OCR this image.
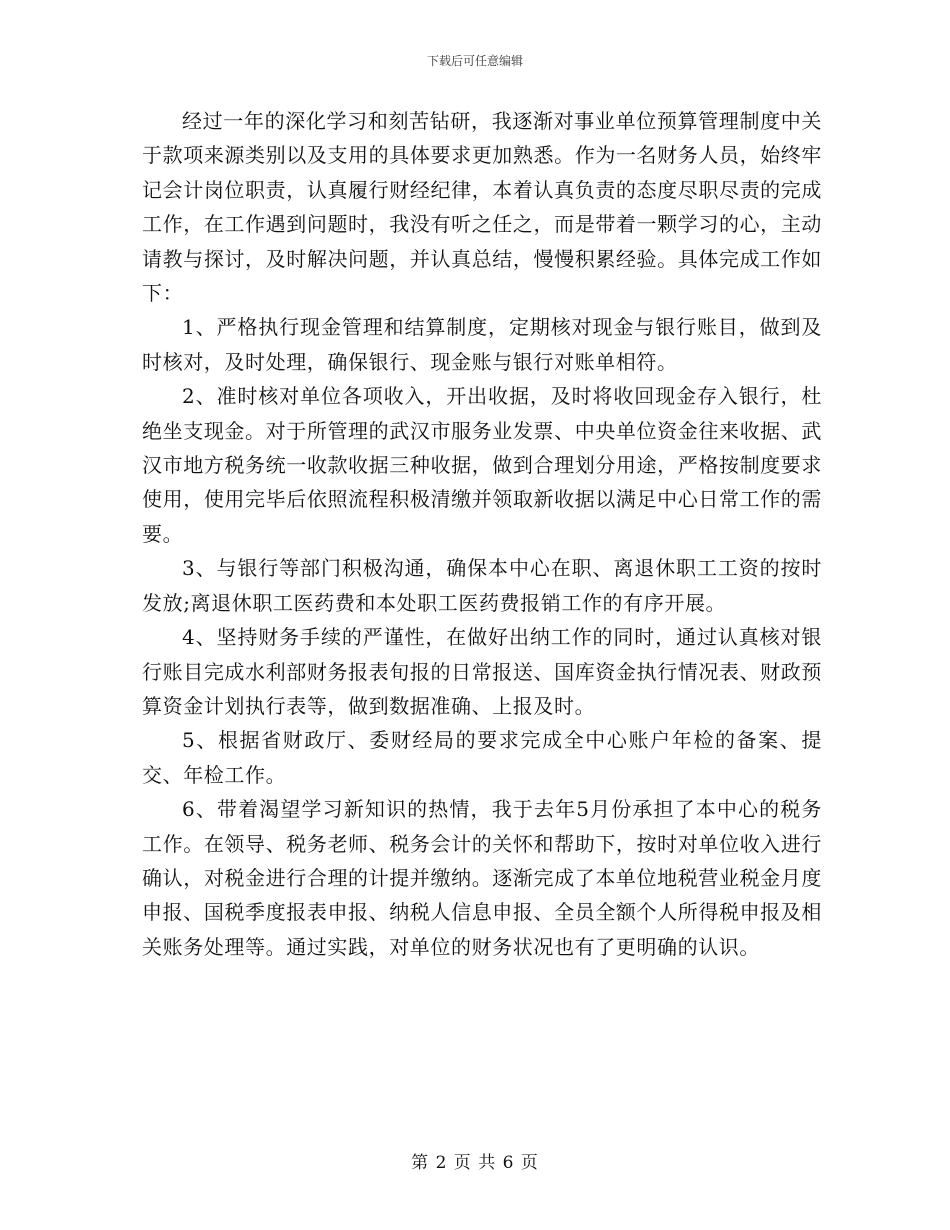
下载后可任意编辑

经过一年的深化学习和刻苦钻研，我逐渐对事业单位预算管理制度中关于款项来源类别以及支用的具体要求更加熟悉。作为一名财务人员，始终牢记会计岗位职责，认真履行财经纪律，本着认真负责的态度尽职尽责的完成工作，在工作遇到问题时，我没有听之任之，而是带着一颗学习的心，主动请教与探讨，及时解决问题，并认真总结，慢慢积累经验。具体完成工作如下：

1、严格执行现金管理和结算制度，定期核对现金与银行账目，做到及时核对，及时处理，确保银行、现金账与银行对账单相符。

2、准时核对单位各项收入，开出收据，及时将收回现金存入银行，杜绝坐支现金。对于所管理的武汉市服务业发票、中央单位资金往来收据、武汉市地方税务统一收款收据三种收据，做到合理划分用途，严格按制度要求使用，使用完毕后依照流程积极清缴并领取新收据以满足中心日常工作的需要。

3、与银行等部门积极沟通，确保本中心在职、离退休职工工资的按时发放;离退休职工医药费和本处职工医药费报销工作的有序开展。

4、坚持财务手续的严谨性，在做好出纳工作的同时，通过认真核对银行账目完成水利部财务报表旬报的日常报送、国库资金执行情况表、财政预算资金计划执行表等，做到数据准确、上报及时。

5、根据省财政厅、委财经局的要求完成全中心账户年检的备案、提交、年检工作。

6、带着渴望学习新知识的热情，我于去年5月份承担了本中心的税务工作。在领导、税务老师、税务会计的关怀和帮助下，按时对单位收入进行确认，对税金进行合理的计提并缴纳。逐渐完成了本单位地税营业税金月度申报、国税季度报表申报、纳税人信息申报、全员全额个人所得税申报及相关账务处理等。通过实践，对单位的财务状况也有了更明确的认识。

第 2 页 共 6 页
